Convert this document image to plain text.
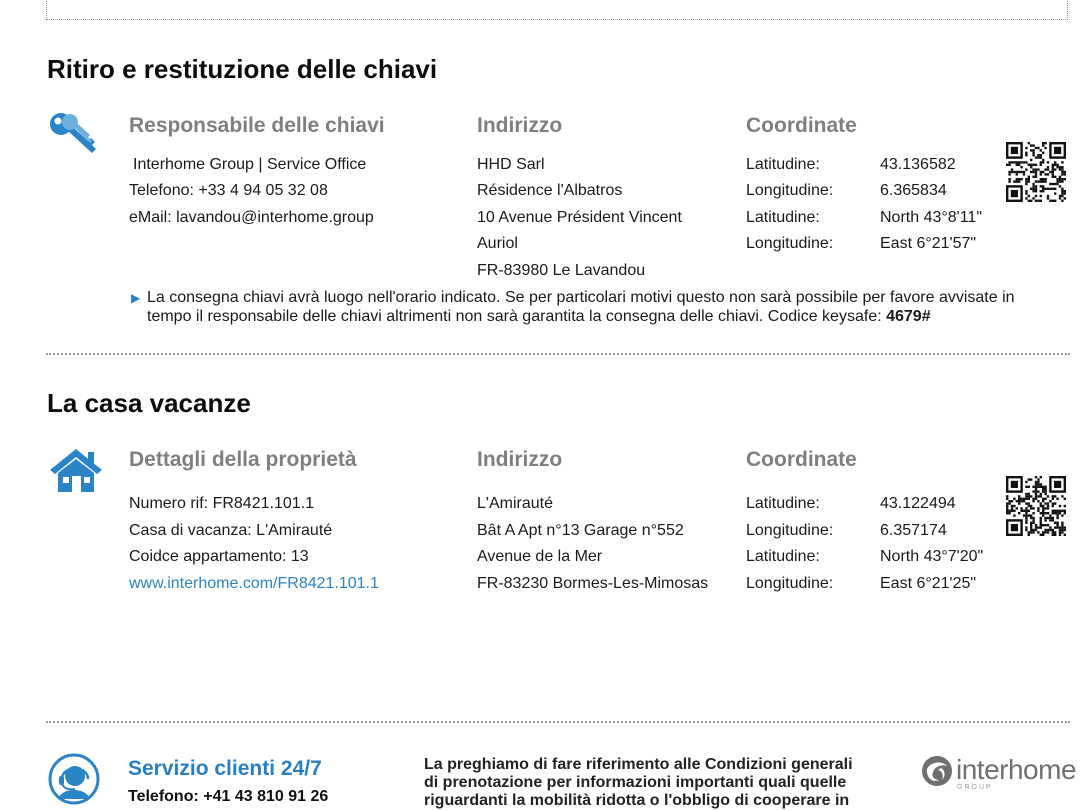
Ritiro e restituzione delle chiavi
Responsabile delle chiavi
Interhome Group | Service Office
Telefono: +33 4 94 05 32 08
eMail: lavandou@interhome.group
Indirizzo
HHD Sarl
Résidence l'Albatros
10 Avenue Président Vincent
Auriol
FR-83980 Le Lavandou
Coordinate
Latitudine:	43.136582
Longitudine:	6.365834
Latitudine:	North 43°8'11"
Longitudine:	East 6°21'57"
▶ La consegna chiavi avrà luogo nell'orario indicato. Se per particolari motivi questo non sarà possibile per favore avvisate in tempo il responsabile delle chiavi altrimenti non sarà garantita la consegna delle chiavi. Codice keysafe: 4679#
La casa vacanze
Dettagli della proprietà
Numero rif: FR8421.101.1
Casa di vacanza: L'Amirauté
Coidce appartamento: 13
www.interhome.com/FR8421.101.1
Indirizzo
L'Amirauté
Bât A Apt n°13 Garage n°552
Avenue de la Mer
FR-83230 Bormes-Les-Mimosas
Coordinate
Latitudine:	43.122494
Longitudine:	6.357174
Latitudine:	North 43°7'20"
Longitudine:	East 6°21'25"
Servizio clienti 24/7
Telefono: +41 43 810 91 26
La preghiamo di fare riferimento alle Condizioni generali
di prenotazione per informazioni importanti quali quelle
riguardanti la mobilità ridotta o l'obbligo di cooperare in
interhome
GROUP
